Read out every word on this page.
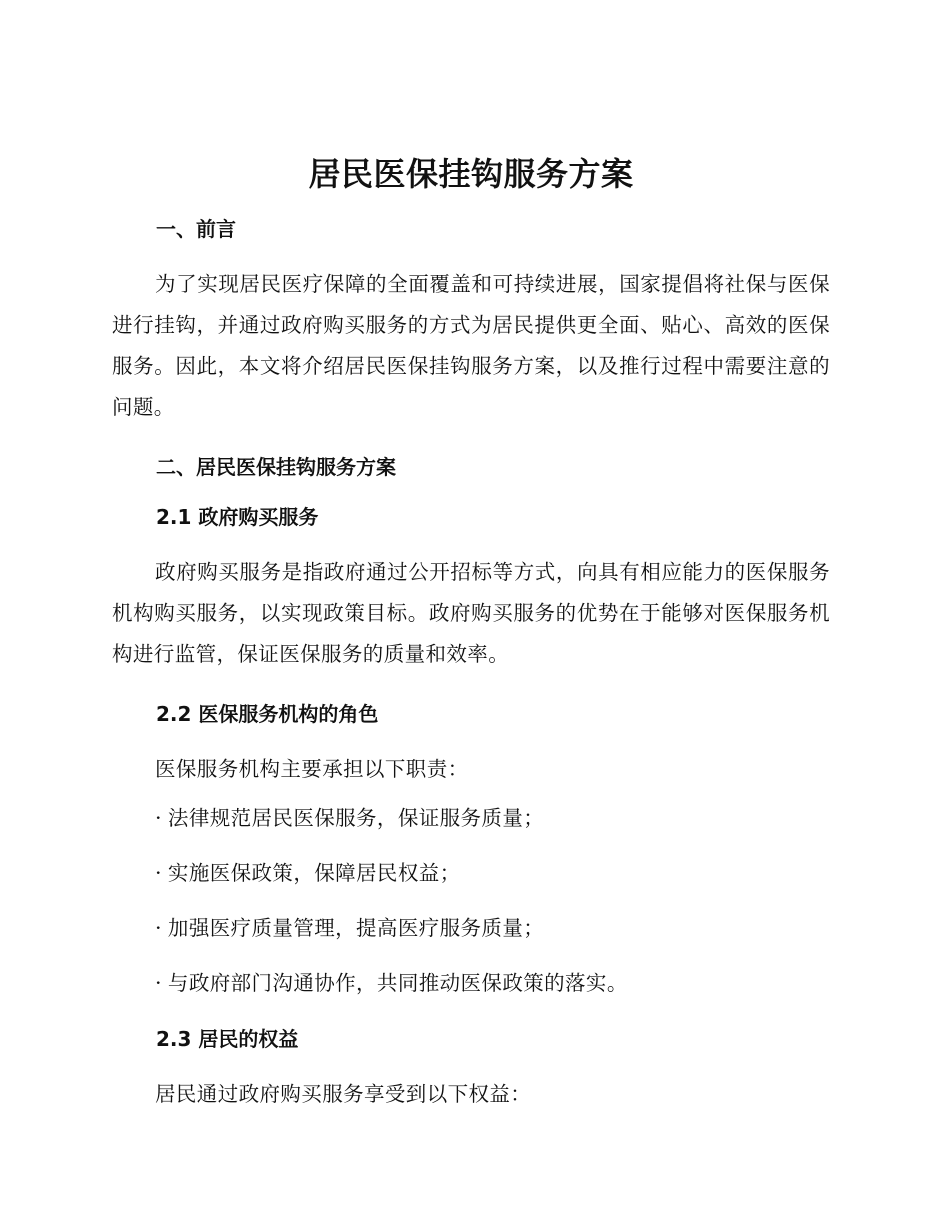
居民医保挂钩服务方案
一、前言

为了实现居民医疗保障的全面覆盖和可持续进展，国家提倡将社保与医保进行挂钩，并通过政府购买服务的方式为居民提供更全面、贴心、高效的医保服务。因此，本文将介绍居民医保挂钩服务方案，以及推行过程中需要注意的问题。

二、居民医保挂钩服务方案
2.1 政府购买服务

政府购买服务是指政府通过公开招标等方式，向具有相应能力的医保服务机构购买服务，以实现政策目标。政府购买服务的优势在于能够对医保服务机构进行监管，保证医保服务的质量和效率。

2.2 医保服务机构的角色

医保服务机构主要承担以下职责：

· 法律规范居民医保服务，保证服务质量；
· 实施医保政策，保障居民权益；
· 加强医疗质量管理，提高医疗服务质量；
· 与政府部门沟通协作，共同推动医保政策的落实。
2.3 居民的权益

居民通过政府购买服务享受到以下权益：
